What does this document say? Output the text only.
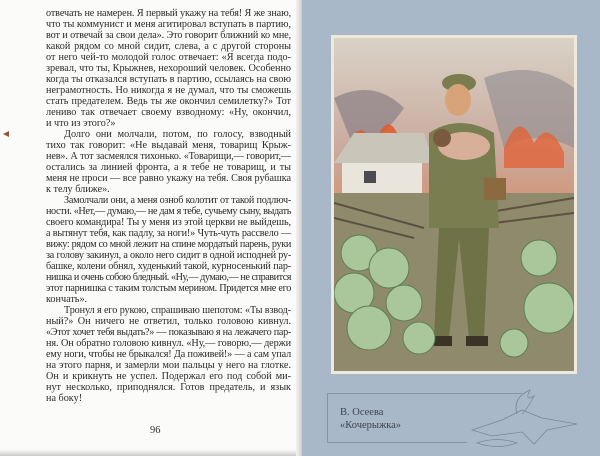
отвечать не намерен. Я первый укажу на тебя! Я же знаю,
что ты коммунист и меня агитировал вступать в партию,
вот и отвечай за свои дела». Это говорит ближний ко мне,
какой рядом со мной сидит, слева, а с другой стороны
от него чей-то молодой голос отвечает: «Я всегда подо-
зревал, что ты, Крыжнев, нехороший человек. Особенно
когда ты отказался вступать в партию, ссылаясь на свою
неграмотность. Но никогда я не думал, что ты сможешь
стать предателем. Ведь ты же окончил семилетку?» Тот
лениво так отвечает своему взводному: «Ну, окончил,
и что из этого?»
Долго они молчали, потом, по голосу, взводный
тихо так говорит: «Не выдавай меня, товарищ Крыж-
нев». А тот засмеялся тихонько. «Товарищи,— говорит,—
остались за линией фронта, а я тебе не товарищ, и ты
меня не проси — все равно укажу на тебя. Своя рубашка
к телу ближе».
Замолчали они, а меня озноб колотит от такой подлюч-
ности. «Нет,— думаю,— не дам я тебе, сучьему сыну, выдать
своего командира! Ты у меня из этой церкви не выйдешь,
а вытянут тебя, как падлу, за ноги!» Чуть-чуть рассвело —
вижу: рядом со мной лежит на спине мордатый парень, руки
за голову закинул, а около него сидит в одной исподней ру-
башке, колени обнял, худенький такой, курносенький пар-
нишка и очень собою бледный. «Ну,— думаю,— не справится
этот парнишка с таким толстым мерином. Придется мне его
кончать».
Тронул я его рукою, спрашиваю шепотом: «Ты взвод-
ный?» Он ничего не ответил, только головою кивнул.
«Этот хочет тебя выдать?» — показываю я на лежачего пар-
ня. Он обратно головою кивнул. «Ну,— говорю,— держи
ему ноги, чтобы не брыкался! Да поживей!» — а сам упал
на этого парня, и замерли мои пальцы у него на глотке.
Он и крикнуть не успел. Подержал его под собой ми-
нут несколько, приподнялся. Готов предатель, и язык
на боку!
96
В. Осеева
«Кочерыжка»
